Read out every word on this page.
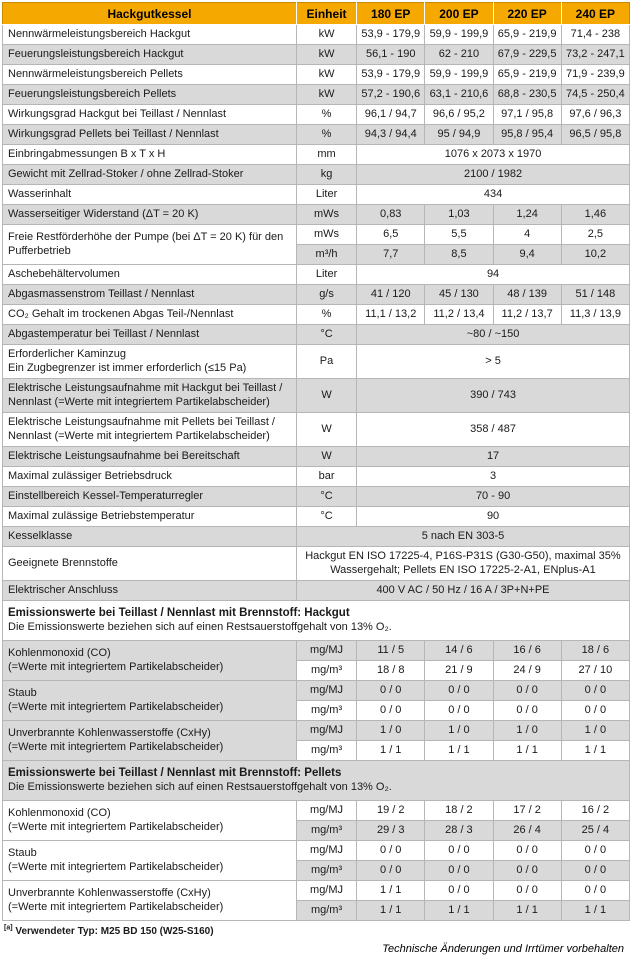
Hackgutkessel	Einheit	180 EP	200 EP	220 EP	240 EP

Nennwärmeleistungsbereich Hackgut	kW	53,9 - 179,9	59,9 - 199,9	65,9 - 219,9	71,4 - 238

Feuerungsleistungsbereich Hackgut	kW	56,1 - 190	62 - 210	67,9 - 229,5	73,2 - 247,1

Nennwärmeleistungsbereich Pellets	kW	53,9 - 179,9	59,9 - 199,9	65,9 - 219,9	71,9 - 239,9

Feuerungsleistungsbereich Pellets	kW	57,2 - 190,6	63,1 - 210,6	68,8 - 230,5	74,5 - 250,4

Wirkungsgrad Hackgut bei Teillast / Nennlast	%	96,1 / 94,7	96,6 / 95,2	97,1 / 95,8	97,6 / 96,3

Wirkungsgrad Pellets bei Teillast / Nennlast	%	94,3 / 94,4	95 / 94,9	95,8 / 95,4	96,5 / 95,8

Einbringabmessungen B x T x H	mm	1076 x 2073 x 1970			

Gewicht mit Zellrad-Stoker / ohne Zellrad-Stoker	kg	2100 / 1982			

Wasserinhalt	Liter	434			

Wasserseitiger Widerstand (ΔT = 20 K)	mWs	0,83	1,03	1,24	1,46

Freie Restförderhöhe der Pumpe (bei ΔT = 20 K) für den
Pufferbetrieb	mWs	6,5	5,5	4	2,5
	m³/h	7,7	8,5	9,4	10,2

Aschebehältervolumen	Liter	94			

Abgasmassenstrom Teillast / Nennlast	g/s	41 / 120	45 / 130	48 / 139	51 / 148

CO₂ Gehalt im trockenen Abgas Teil-/Nennlast	%	11,1 / 13,2	11,2 / 13,4	11,2 / 13,7	11,3 / 13,9

Abgastemperatur bei Teillast / Nennlast	°C	~80 / ~150			

Erforderlicher Kaminzug
Ein Zugbegrenzer ist immer erforderlich (≤15 Pa)	Pa	> 5			

Elektrische Leistungsaufnahme mit Hackgut bei Teillast /
Nennlast (=Werte mit integriertem Partikelabscheider)	W	390 / 743			

Elektrische Leistungsaufnahme mit Pellets bei Teillast /
Nennlast (=Werte mit integriertem Partikelabscheider)	W	358 / 487			

Elektrische Leistungsaufnahme bei Bereitschaft	W	17			

Maximal zulässiger Betriebsdruck	bar	3			

Einstellbereich Kessel-Temperaturregler	°C	70 - 90			

Maximal zulässige Betriebstemperatur	°C	90			

Kesselklasse	5 nach EN 303-5				

Geeignete Brennstoffe	Hackgut EN ISO 17225-4, P16S-P31S (G30-G50), maximal 35%
Wassergehalt; Pellets EN ISO 17225-2-A1, ENplus-A1				

Elektrischer Anschluss	400 V AC / 50 Hz / 16 A / 3P+N+PE				

Emissionswerte bei Teillast / Nennlast mit Brennstoff: Hackgut
Die Emissionswerte beziehen sich auf einen Restsauerstoffgehalt von 13% O₂.					

Kohlenmonoxid (CO)
(=Werte mit integriertem Partikelabscheider)	mg/MJ	11 / 5	14 / 6	16 / 6	18 / 6
	mg/m³	18 / 8	21 / 9	24 / 9	27 / 10

Staub
(=Werte mit integriertem Partikelabscheider)	mg/MJ	0 / 0	0 / 0	0 / 0	0 / 0
	mg/m³	0 / 0	0 / 0	0 / 0	0 / 0

Unverbrannte Kohlenwasserstoffe (CxHy)
(=Werte mit integriertem Partikelabscheider)	mg/MJ	1 / 0	1 / 0	1 / 0	1 / 0
	mg/m³	1 / 1	1 / 1	1 / 1	1 / 1

Emissionswerte bei Teillast / Nennlast mit Brennstoff: Pellets
Die Emissionswerte beziehen sich auf einen Restsauerstoffgehalt von 13% O₂.					

Kohlenmonoxid (CO)
(=Werte mit integriertem Partikelabscheider)	mg/MJ	19 / 2	18 / 2	17 / 2	16 / 2
	mg/m³	29 / 3	28 / 3	26 / 4	25 / 4

Staub
(=Werte mit integriertem Partikelabscheider)	mg/MJ	0 / 0	0 / 0	0 / 0	0 / 0
	mg/m³	0 / 0	0 / 0	0 / 0	0 / 0

Unverbrannte Kohlenwasserstoffe (CxHy)
(=Werte mit integriertem Partikelabscheider)	mg/MJ	1 / 1	0 / 0	0 / 0	0 / 0
	mg/m³	1 / 1	1 / 1	1 / 1	1 / 1
[a] Verwendeter Typ: M25 BD 150 (W25-S160)
Technische Änderungen und Irrtümer vorbehalten
